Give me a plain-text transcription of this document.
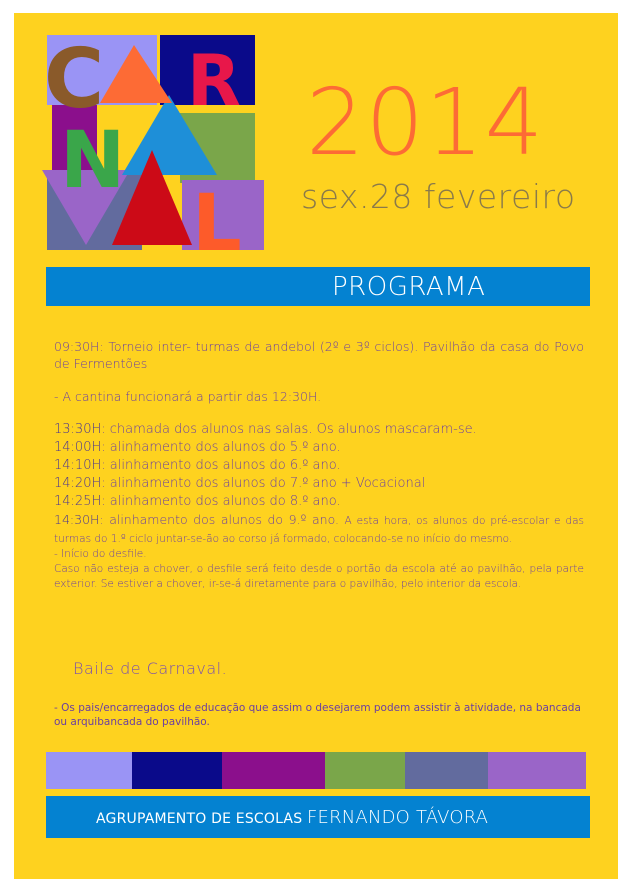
C R
N
L
2014
sex.28 fevereiro
PROGRAMA

09:30H: Torneio inter- turmas de andebol (2º e 3º ciclos). Pavilhão da casa do Povo de Fermentões

- A cantina funcionará a partir das 12:30H.

13:30H: chamada dos alunos nas salas. Os alunos mascaram-se.

14:00H: alinhamento dos alunos do 5.º ano.

14:10H: alinhamento dos alunos do 6.º ano.

14:20H: alinhamento dos alunos do 7.º ano + Vocacional

14:25H: alinhamento dos alunos do 8.º ano.

14:30H: alinhamento dos alunos do 9.º ano. A esta hora, os alunos do pré-escolar e das turmas do 1.º ciclo juntar-se-ão ao corso já formado, colocando-se no início do mesmo.

- Início do desfile.

Caso não esteja a chover, o desfile será feito desde o portão da escola até ao pavilhão, pela parte exterior. Se estiver a chover, ir-se-á diretamente para o pavilhão, pelo interior da escola.

Baile de Carnaval.
- Os pais/encarregados de educação que assim o desejarem podem assistir à atividade, na bancada ou arquibancada do pavilhão.
AGRUPAMENTO DE ESCOLAS FERNANDO TÁVORA
